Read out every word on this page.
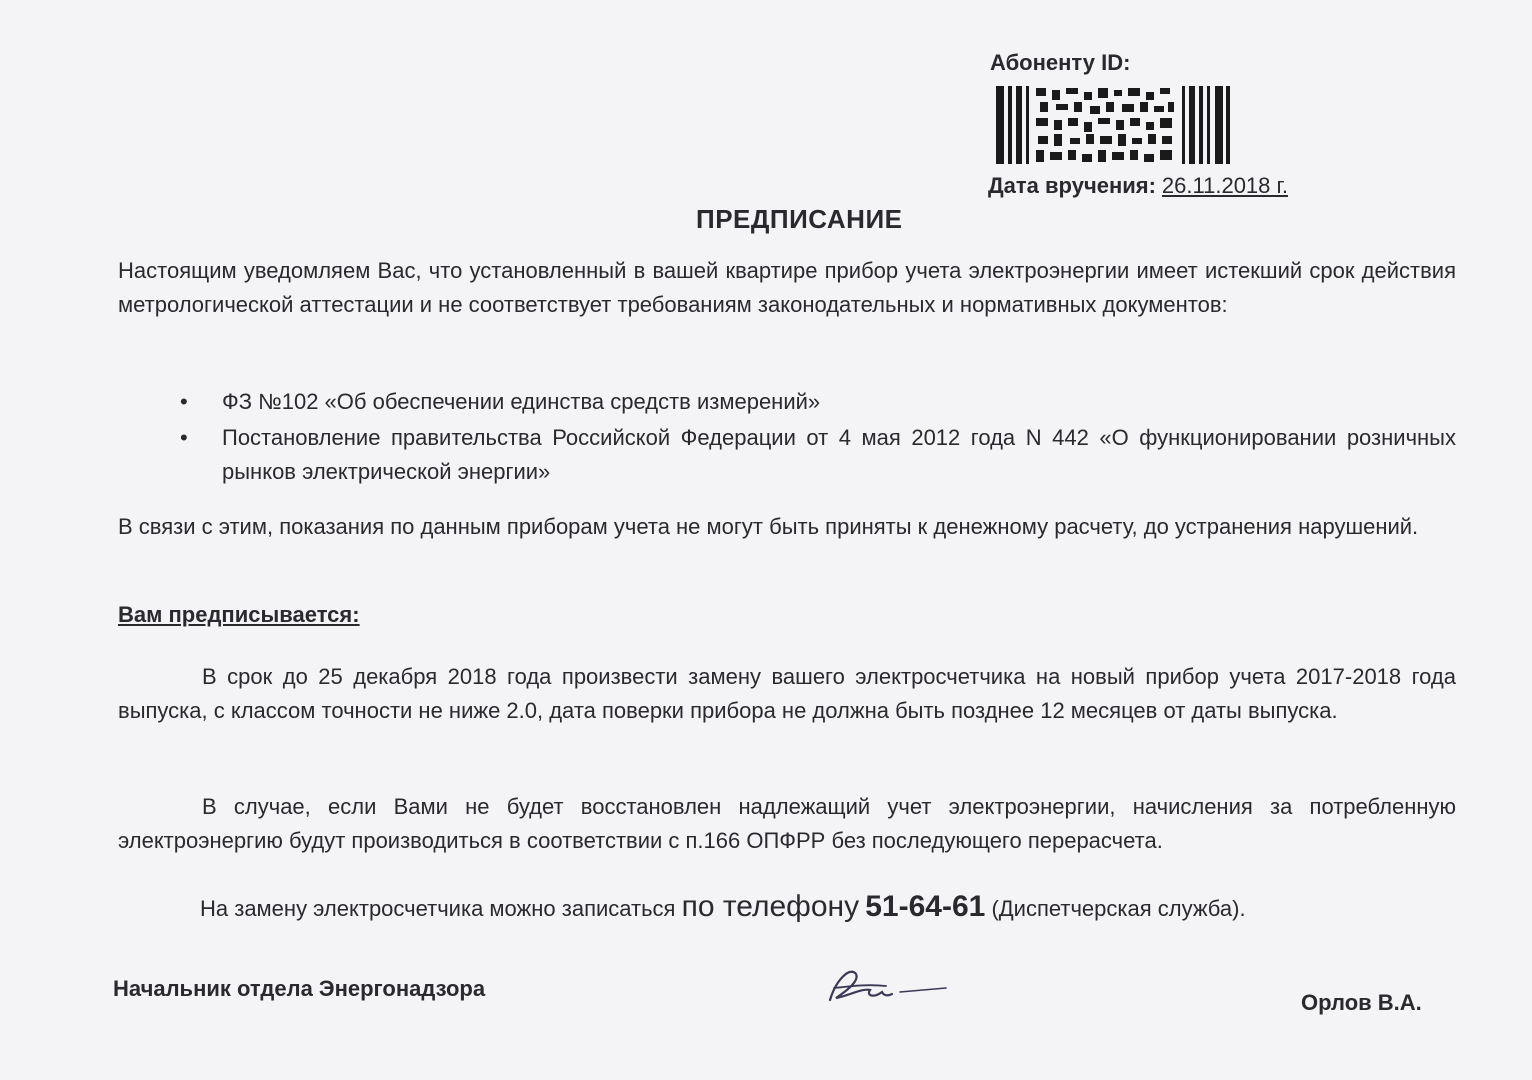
Абоненту ID:
Дата вручения: 26.11.2018 г.
ПРЕДПИСАНИЕ
Настоящим уведомляем Вас, что установленный в вашей квартире прибор учета электроэнергии имеет истекший срок действия метрологической аттестации и не соответствует требованиям законодательных и нормативных документов:
• ФЗ №102 «Об обеспечении единства средств измерений»
• Постановление правительства Российской Федерации от 4 мая 2012 года N 442 «О функционировании розничных рынков электрической энергии»
В связи с этим, показания по данным приборам учета не могут быть приняты к денежному расчету, до устранения нарушений.
Вам предписывается:
В срок до 25 декабря 2018 года произвести замену вашего электросчетчика на новый прибор учета 2017-2018 года выпуска, с классом точности не ниже 2.0, дата поверки прибора не должна быть позднее 12 месяцев от даты выпуска.
В случае, если Вами не будет восстановлен надлежащий учет электроэнергии, начисления за потребленную электроэнергию будут производиться в соответствии с п.166 ОПФРР без последующего перерасчета.
На замену электросчетчика можно записаться по телефону 51-64-61 (Диспетчерская служба).
Начальник отдела Энергонадзора
Орлов В.А.
